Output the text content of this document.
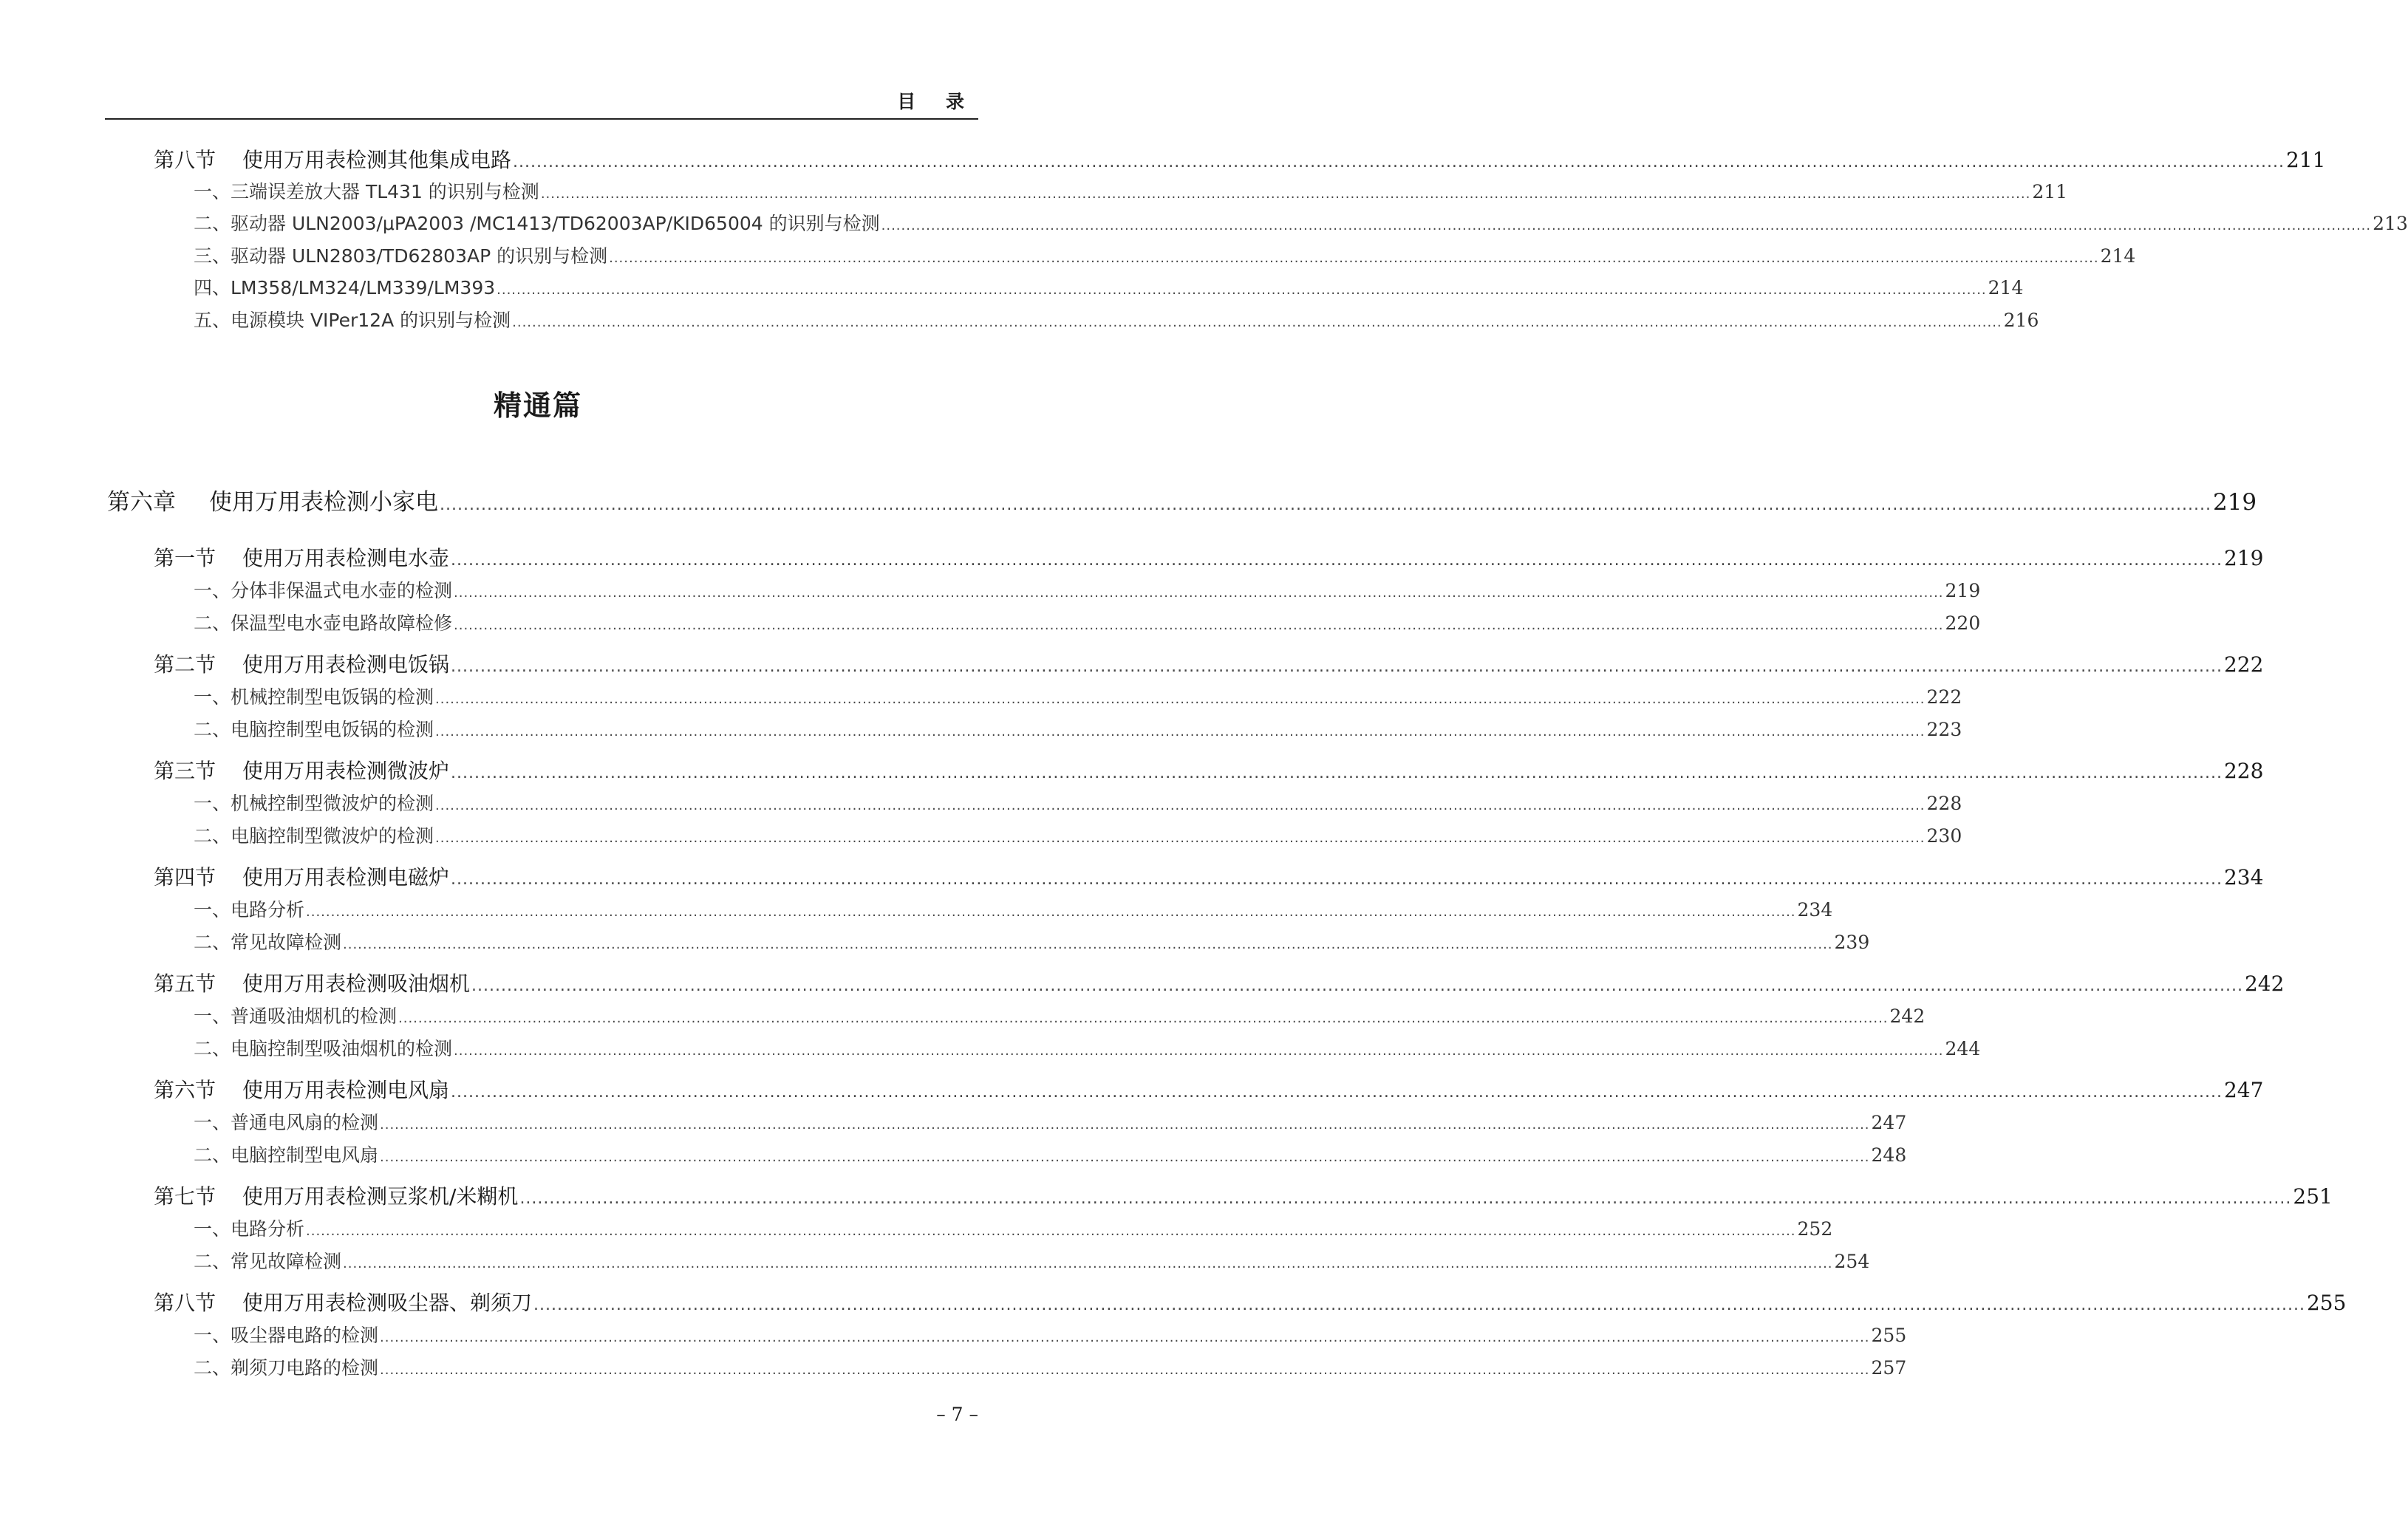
目 录
第八节	使用万用表检测其他集成电路 ............................................................................................................................................................................................................................................................................................................ 211
一、三端误差放大器 TL431 的识别与检测 ............................................................................................................................................................................................................................................................................................................ 211
二、驱动器 ULN2003/μPA2003 /MC1413/TD62003AP/KID65004 的识别与检测 ............................................................................................................................................................................................................................................................................................................ 213
三、驱动器 ULN2803/TD62803AP 的识别与检测 ............................................................................................................................................................................................................................................................................................................ 214
四、LM358/LM324/LM339/LM393 ............................................................................................................................................................................................................................................................................................................ 214
五、电源模块 VIPer12A 的识别与检测 ............................................................................................................................................................................................................................................................................................................ 216
精通篇
第六章	使用万用表检测小家电 ............................................................................................................................................................................................................................................................................................................ 219
第一节	使用万用表检测电水壶 ............................................................................................................................................................................................................................................................................................................ 219
一、分体非保温式电水壶的检测 ............................................................................................................................................................................................................................................................................................................ 219
二、保温型电水壶电路故障检修 ............................................................................................................................................................................................................................................................................................................ 220
第二节	使用万用表检测电饭锅 ............................................................................................................................................................................................................................................................................................................ 222
一、机械控制型电饭锅的检测 ............................................................................................................................................................................................................................................................................................................ 222
二、电脑控制型电饭锅的检测 ............................................................................................................................................................................................................................................................................................................ 223
第三节	使用万用表检测微波炉 ............................................................................................................................................................................................................................................................................................................ 228
一、机械控制型微波炉的检测 ............................................................................................................................................................................................................................................................................................................ 228
二、电脑控制型微波炉的检测 ............................................................................................................................................................................................................................................................................................................ 230
第四节	使用万用表检测电磁炉 ............................................................................................................................................................................................................................................................................................................ 234
一、电路分析 ............................................................................................................................................................................................................................................................................................................ 234
二、常见故障检测 ............................................................................................................................................................................................................................................................................................................ 239
第五节	使用万用表检测吸油烟机 ............................................................................................................................................................................................................................................................................................................ 242
一、普通吸油烟机的检测 ............................................................................................................................................................................................................................................................................................................ 242
二、电脑控制型吸油烟机的检测 ............................................................................................................................................................................................................................................................................................................ 244
第六节	使用万用表检测电风扇 ............................................................................................................................................................................................................................................................................................................ 247
一、普通电风扇的检测 ............................................................................................................................................................................................................................................................................................................ 247
二、电脑控制型电风扇 ............................................................................................................................................................................................................................................................................................................ 248
第七节	使用万用表检测豆浆机/米糊机 ............................................................................................................................................................................................................................................................................................................ 251
一、电路分析 ............................................................................................................................................................................................................................................................................................................ 252
二、常见故障检测 ............................................................................................................................................................................................................................................................................................................ 254
第八节	使用万用表检测吸尘器、剃须刀 ............................................................................................................................................................................................................................................................................................................ 255
一、吸尘器电路的检测 ............................................................................................................................................................................................................................................................................................................ 255
二、剃须刀电路的检测 ............................................................................................................................................................................................................................................................................................................ 257
– 7 –
